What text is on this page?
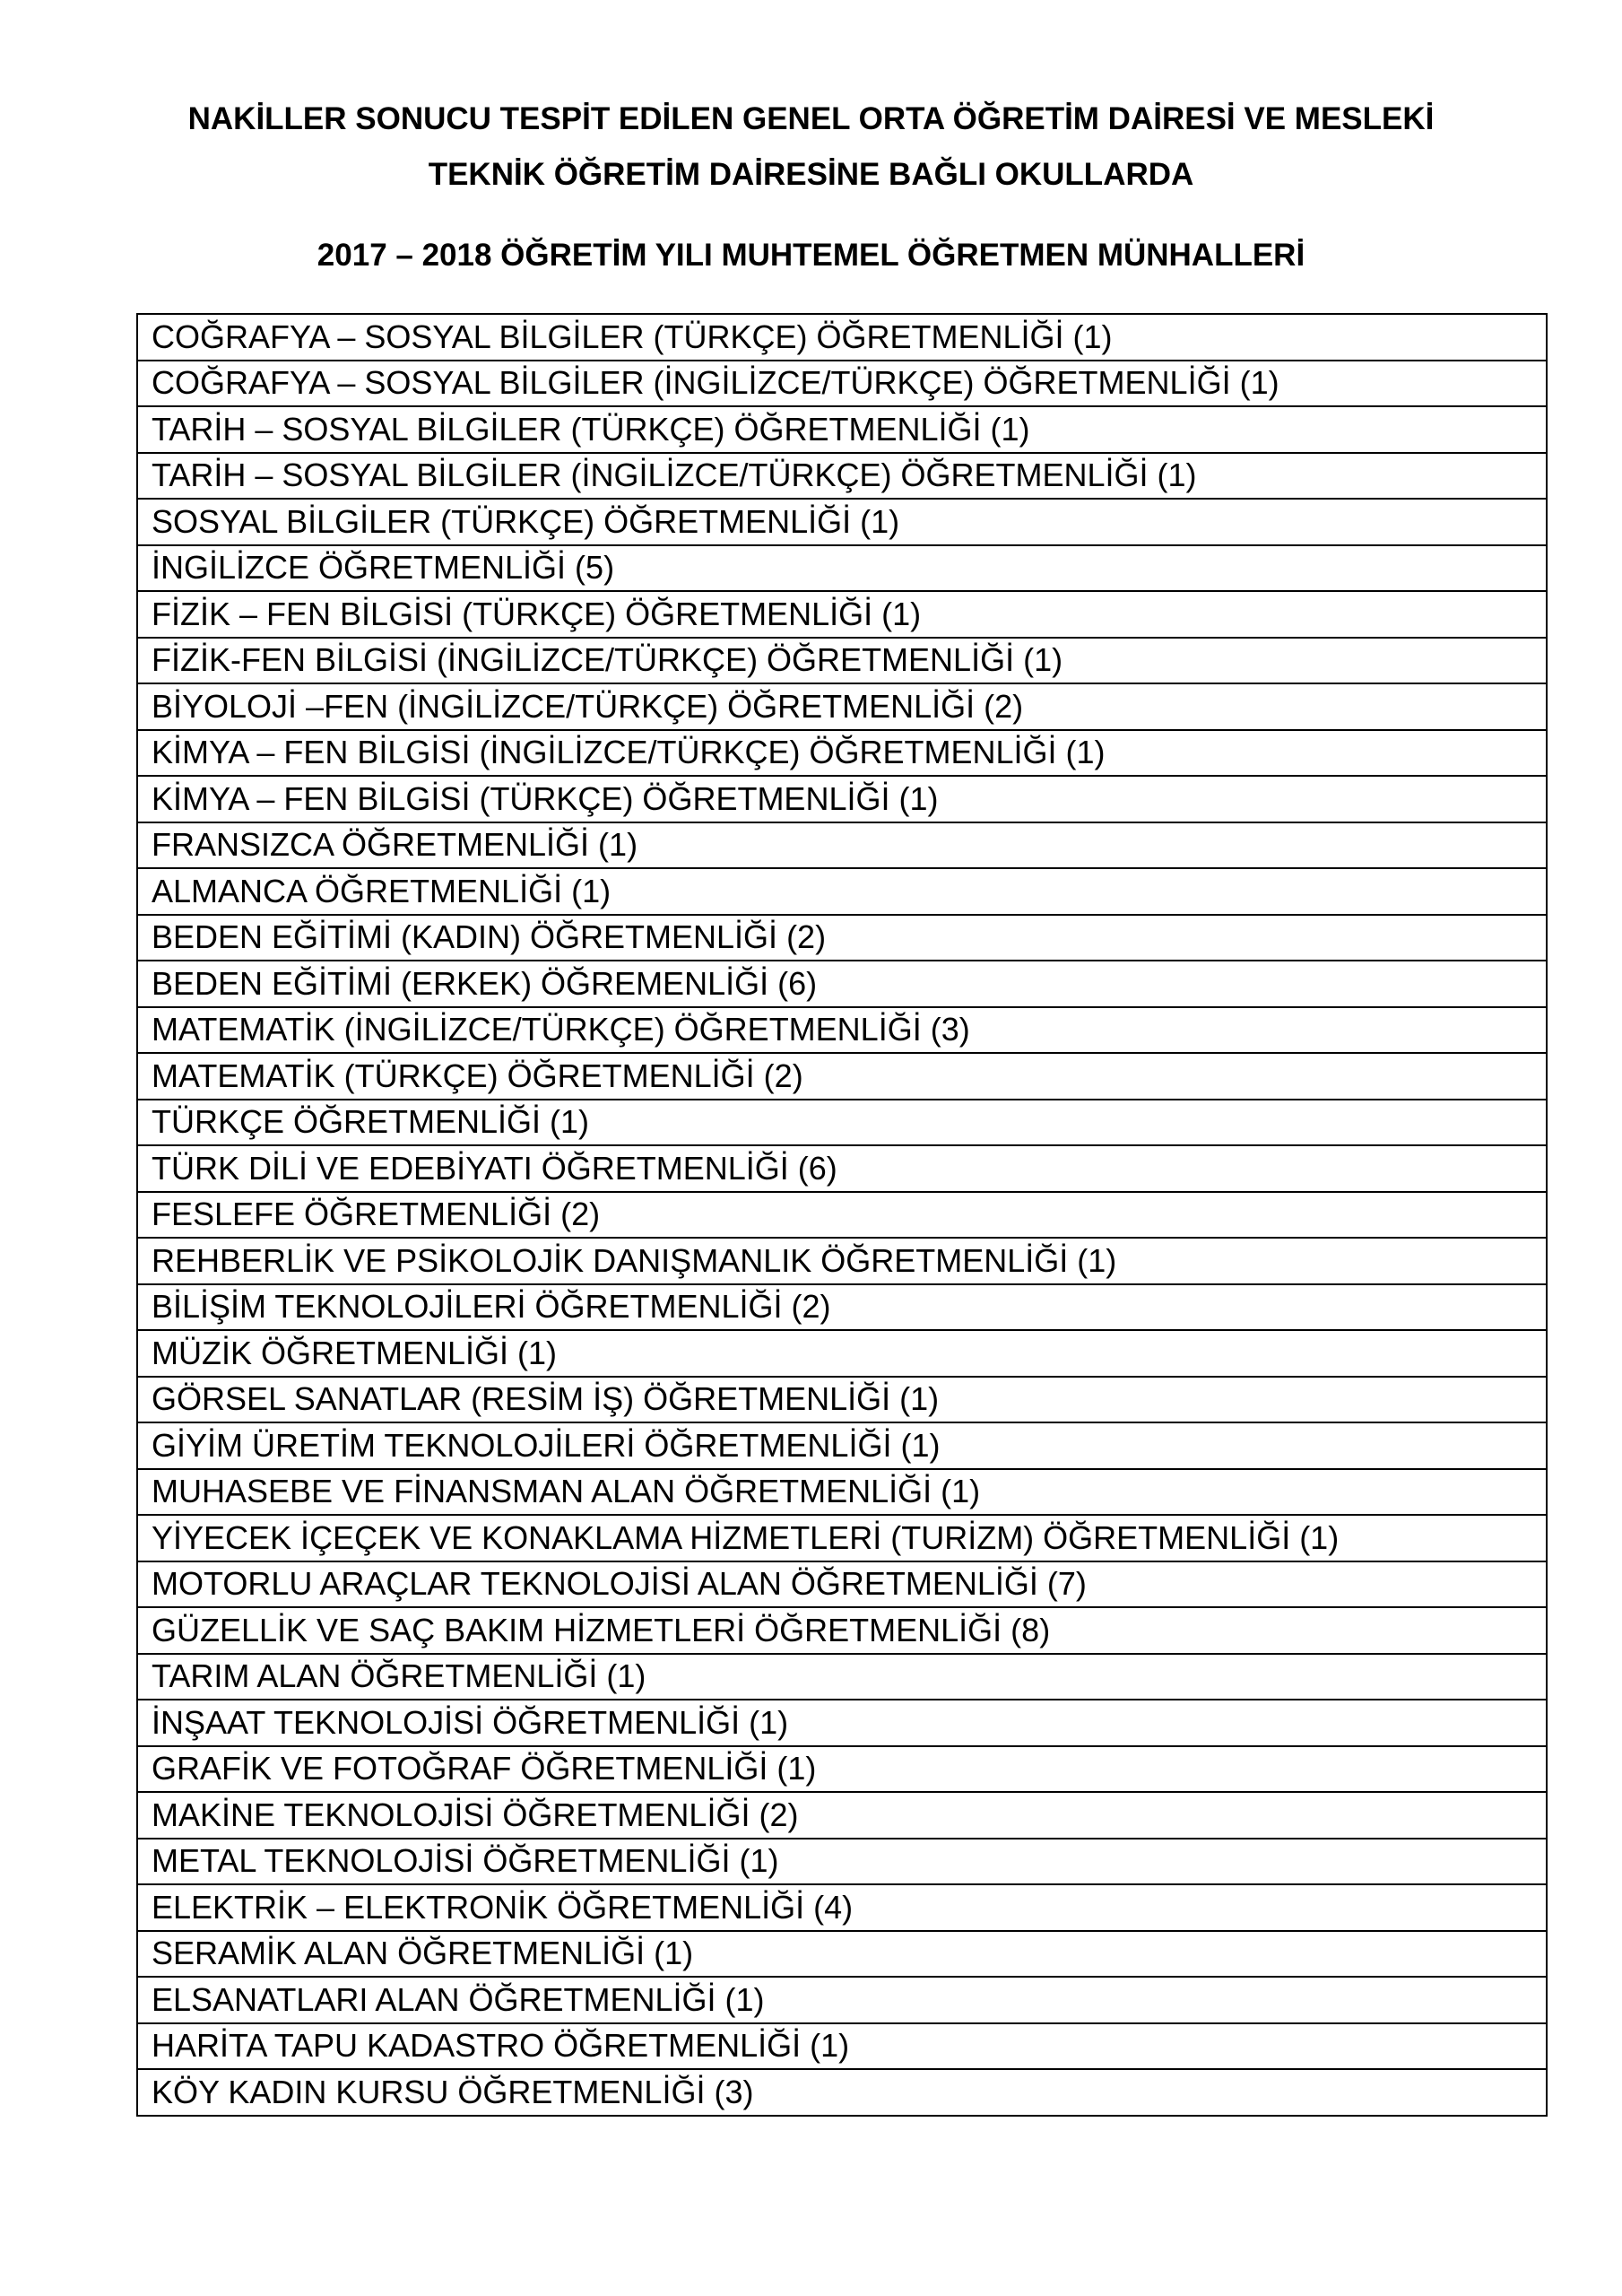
NAKİLLER SONUCU TESPİT EDİLEN GENEL ORTA ÖĞRETİM DAİRESİ VE MESLEKİ
TEKNİK ÖĞRETİM DAİRESİNE BAĞLI OKULLARDA
2017 – 2018 ÖĞRETİM YILI MUHTEMEL ÖĞRETMEN MÜNHALLERİ
COĞRAFYA – SOSYAL BİLGİLER (TÜRKÇE) ÖĞRETMENLİĞİ (1)
COĞRAFYA – SOSYAL BİLGİLER (İNGİLİZCE/TÜRKÇE) ÖĞRETMENLİĞİ (1)
TARİH – SOSYAL BİLGİLER (TÜRKÇE) ÖĞRETMENLİĞİ (1)
TARİH – SOSYAL BİLGİLER (İNGİLİZCE/TÜRKÇE) ÖĞRETMENLİĞİ (1)
SOSYAL BİLGİLER (TÜRKÇE) ÖĞRETMENLİĞİ (1)
İNGİLİZCE ÖĞRETMENLİĞİ (5)
FİZİK – FEN BİLGİSİ (TÜRKÇE) ÖĞRETMENLİĞİ (1)
FİZİK-FEN BİLGİSİ (İNGİLİZCE/TÜRKÇE) ÖĞRETMENLİĞİ (1)
BİYOLOJİ –FEN (İNGİLİZCE/TÜRKÇE) ÖĞRETMENLİĞİ (2)
KİMYA – FEN BİLGİSİ (İNGİLİZCE/TÜRKÇE) ÖĞRETMENLİĞİ (1)
KİMYA – FEN BİLGİSİ (TÜRKÇE) ÖĞRETMENLİĞİ (1)
FRANSIZCA ÖĞRETMENLİĞİ (1)
ALMANCA ÖĞRETMENLİĞİ (1)
BEDEN EĞİTİMİ (KADIN) ÖĞRETMENLİĞİ (2)
BEDEN EĞİTİMİ (ERKEK) ÖĞREMENLİĞİ (6)
MATEMATİK (İNGİLİZCE/TÜRKÇE) ÖĞRETMENLİĞİ (3)
MATEMATİK (TÜRKÇE) ÖĞRETMENLİĞİ (2)
TÜRKÇE ÖĞRETMENLİĞİ (1)
TÜRK DİLİ VE EDEBİYATI ÖĞRETMENLİĞİ (6)
FESLEFE ÖĞRETMENLİĞİ (2)
REHBERLİK VE PSİKOLOJİK DANIŞMANLIK ÖĞRETMENLİĞİ (1)
BİLİŞİM TEKNOLOJİLERİ ÖĞRETMENLİĞİ (2)
MÜZİK ÖĞRETMENLİĞİ (1)
GÖRSEL SANATLAR (RESİM İŞ) ÖĞRETMENLİĞİ (1)
GİYİM ÜRETİM TEKNOLOJİLERİ ÖĞRETMENLİĞİ (1)
MUHASEBE VE FİNANSMAN ALAN ÖĞRETMENLİĞİ (1)
YİYECEK İÇEÇEK VE KONAKLAMA HİZMETLERİ (TURİZM) ÖĞRETMENLİĞİ (1)
MOTORLU ARAÇLAR TEKNOLOJİSİ ALAN ÖĞRETMENLİĞİ (7)
GÜZELLİK VE SAÇ BAKIM HİZMETLERİ ÖĞRETMENLİĞİ (8)
TARIM ALAN ÖĞRETMENLİĞİ (1)
İNŞAAT TEKNOLOJİSİ ÖĞRETMENLİĞİ (1)
GRAFİK VE FOTOĞRAF ÖĞRETMENLİĞİ (1)
MAKİNE TEKNOLOJİSİ ÖĞRETMENLİĞİ (2)
METAL TEKNOLOJİSİ ÖĞRETMENLİĞİ (1)
ELEKTRİK – ELEKTRONİK ÖĞRETMENLİĞİ (4)
SERAMİK ALAN ÖĞRETMENLİĞİ (1)
ELSANATLARI ALAN ÖĞRETMENLİĞİ (1)
HARİTA TAPU KADASTRO ÖĞRETMENLİĞİ (1)
KÖY KADIN KURSU ÖĞRETMENLİĞİ (3)
